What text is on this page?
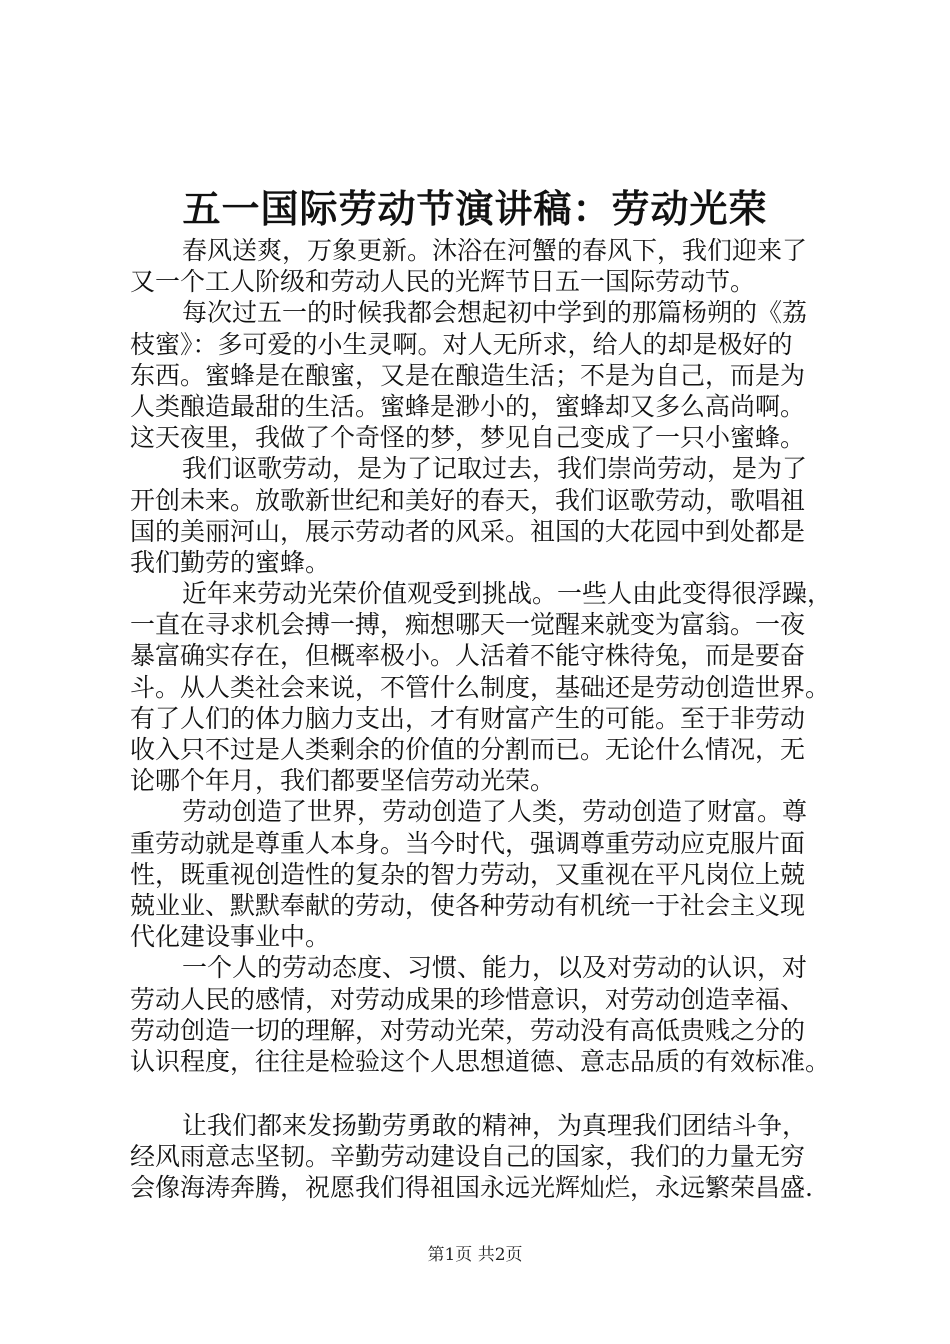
五一国际劳动节演讲稿：劳动光荣
春风送爽，万象更新。沐浴在河蟹的春风下，我们迎来了
又一个工人阶级和劳动人民的光辉节日五一国际劳动节。
每次过五一的时候我都会想起初中学到的那篇杨朔的《荔
枝蜜》：多可爱的小生灵啊。对人无所求，给人的却是极好的
东西。蜜蜂是在酿蜜，又是在酿造生活；不是为自己，而是为
人类酿造最甜的生活。蜜蜂是渺小的，蜜蜂却又多么高尚啊。
这天夜里，我做了个奇怪的梦，梦见自己变成了一只小蜜蜂。
我们讴歌劳动，是为了记取过去，我们崇尚劳动，是为了
开创未来。放歌新世纪和美好的春天，我们讴歌劳动，歌唱祖
国的美丽河山，展示劳动者的风采。祖国的大花园中到处都是
我们勤劳的蜜蜂。
近年来劳动光荣价值观受到挑战。一些人由此变得很浮躁，
一直在寻求机会搏一搏，痴想哪天一觉醒来就变为富翁。一夜
暴富确实存在，但概率极小。人活着不能守株待兔，而是要奋
斗。从人类社会来说，不管什么制度，基础还是劳动创造世界。
有了人们的体力脑力支出，才有财富产生的可能。至于非劳动
收入只不过是人类剩余的价值的分割而已。无论什么情况，无
论哪个年月，我们都要坚信劳动光荣。
劳动创造了世界，劳动创造了人类，劳动创造了财富。尊
重劳动就是尊重人本身。当今时代，强调尊重劳动应克服片面
性，既重视创造性的复杂的智力劳动，又重视在平凡岗位上兢
兢业业、默默奉献的劳动，使各种劳动有机统一于社会主义现
代化建设事业中。
一个人的劳动态度、习惯、能力，以及对劳动的认识，对
劳动人民的感情，对劳动成果的珍惜意识，对劳动创造幸福、
劳动创造一切的理解，对劳动光荣，劳动没有高低贵贱之分的
认识程度，往往是检验这个人思想道德、意志品质的有效标准。
让我们都来发扬勤劳勇敢的精神，为真理我们团结斗争，
经风雨意志坚韧。辛勤劳动建设自己的国家，我们的力量无穷
会像海涛奔腾，祝愿我们得祖国永远光辉灿烂，永远繁荣昌盛.
第1页 共2页
